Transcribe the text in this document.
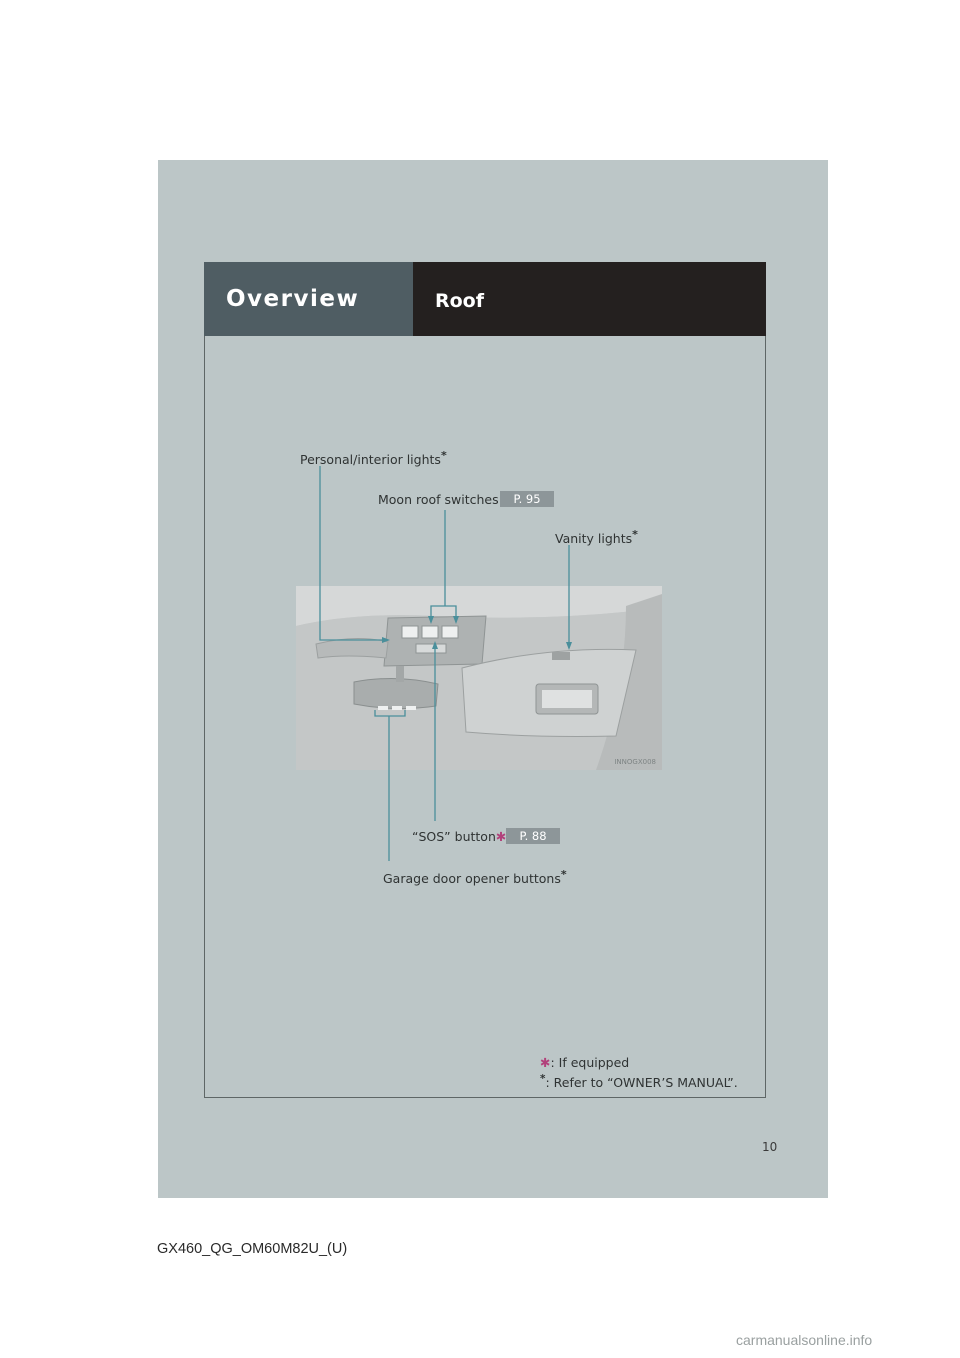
Overview	Roof
Personal/interior lights*
Moon roof switches	P. 95
Vanity lights*
“SOS” button✱	P. 88
Garage door opener buttons*
INNOGX008
✱: If equipped
*: Refer to “OWNER’S MANUAL”.
10
GX460_QG_OM60M82U_(U)
carmanualsonline.info
